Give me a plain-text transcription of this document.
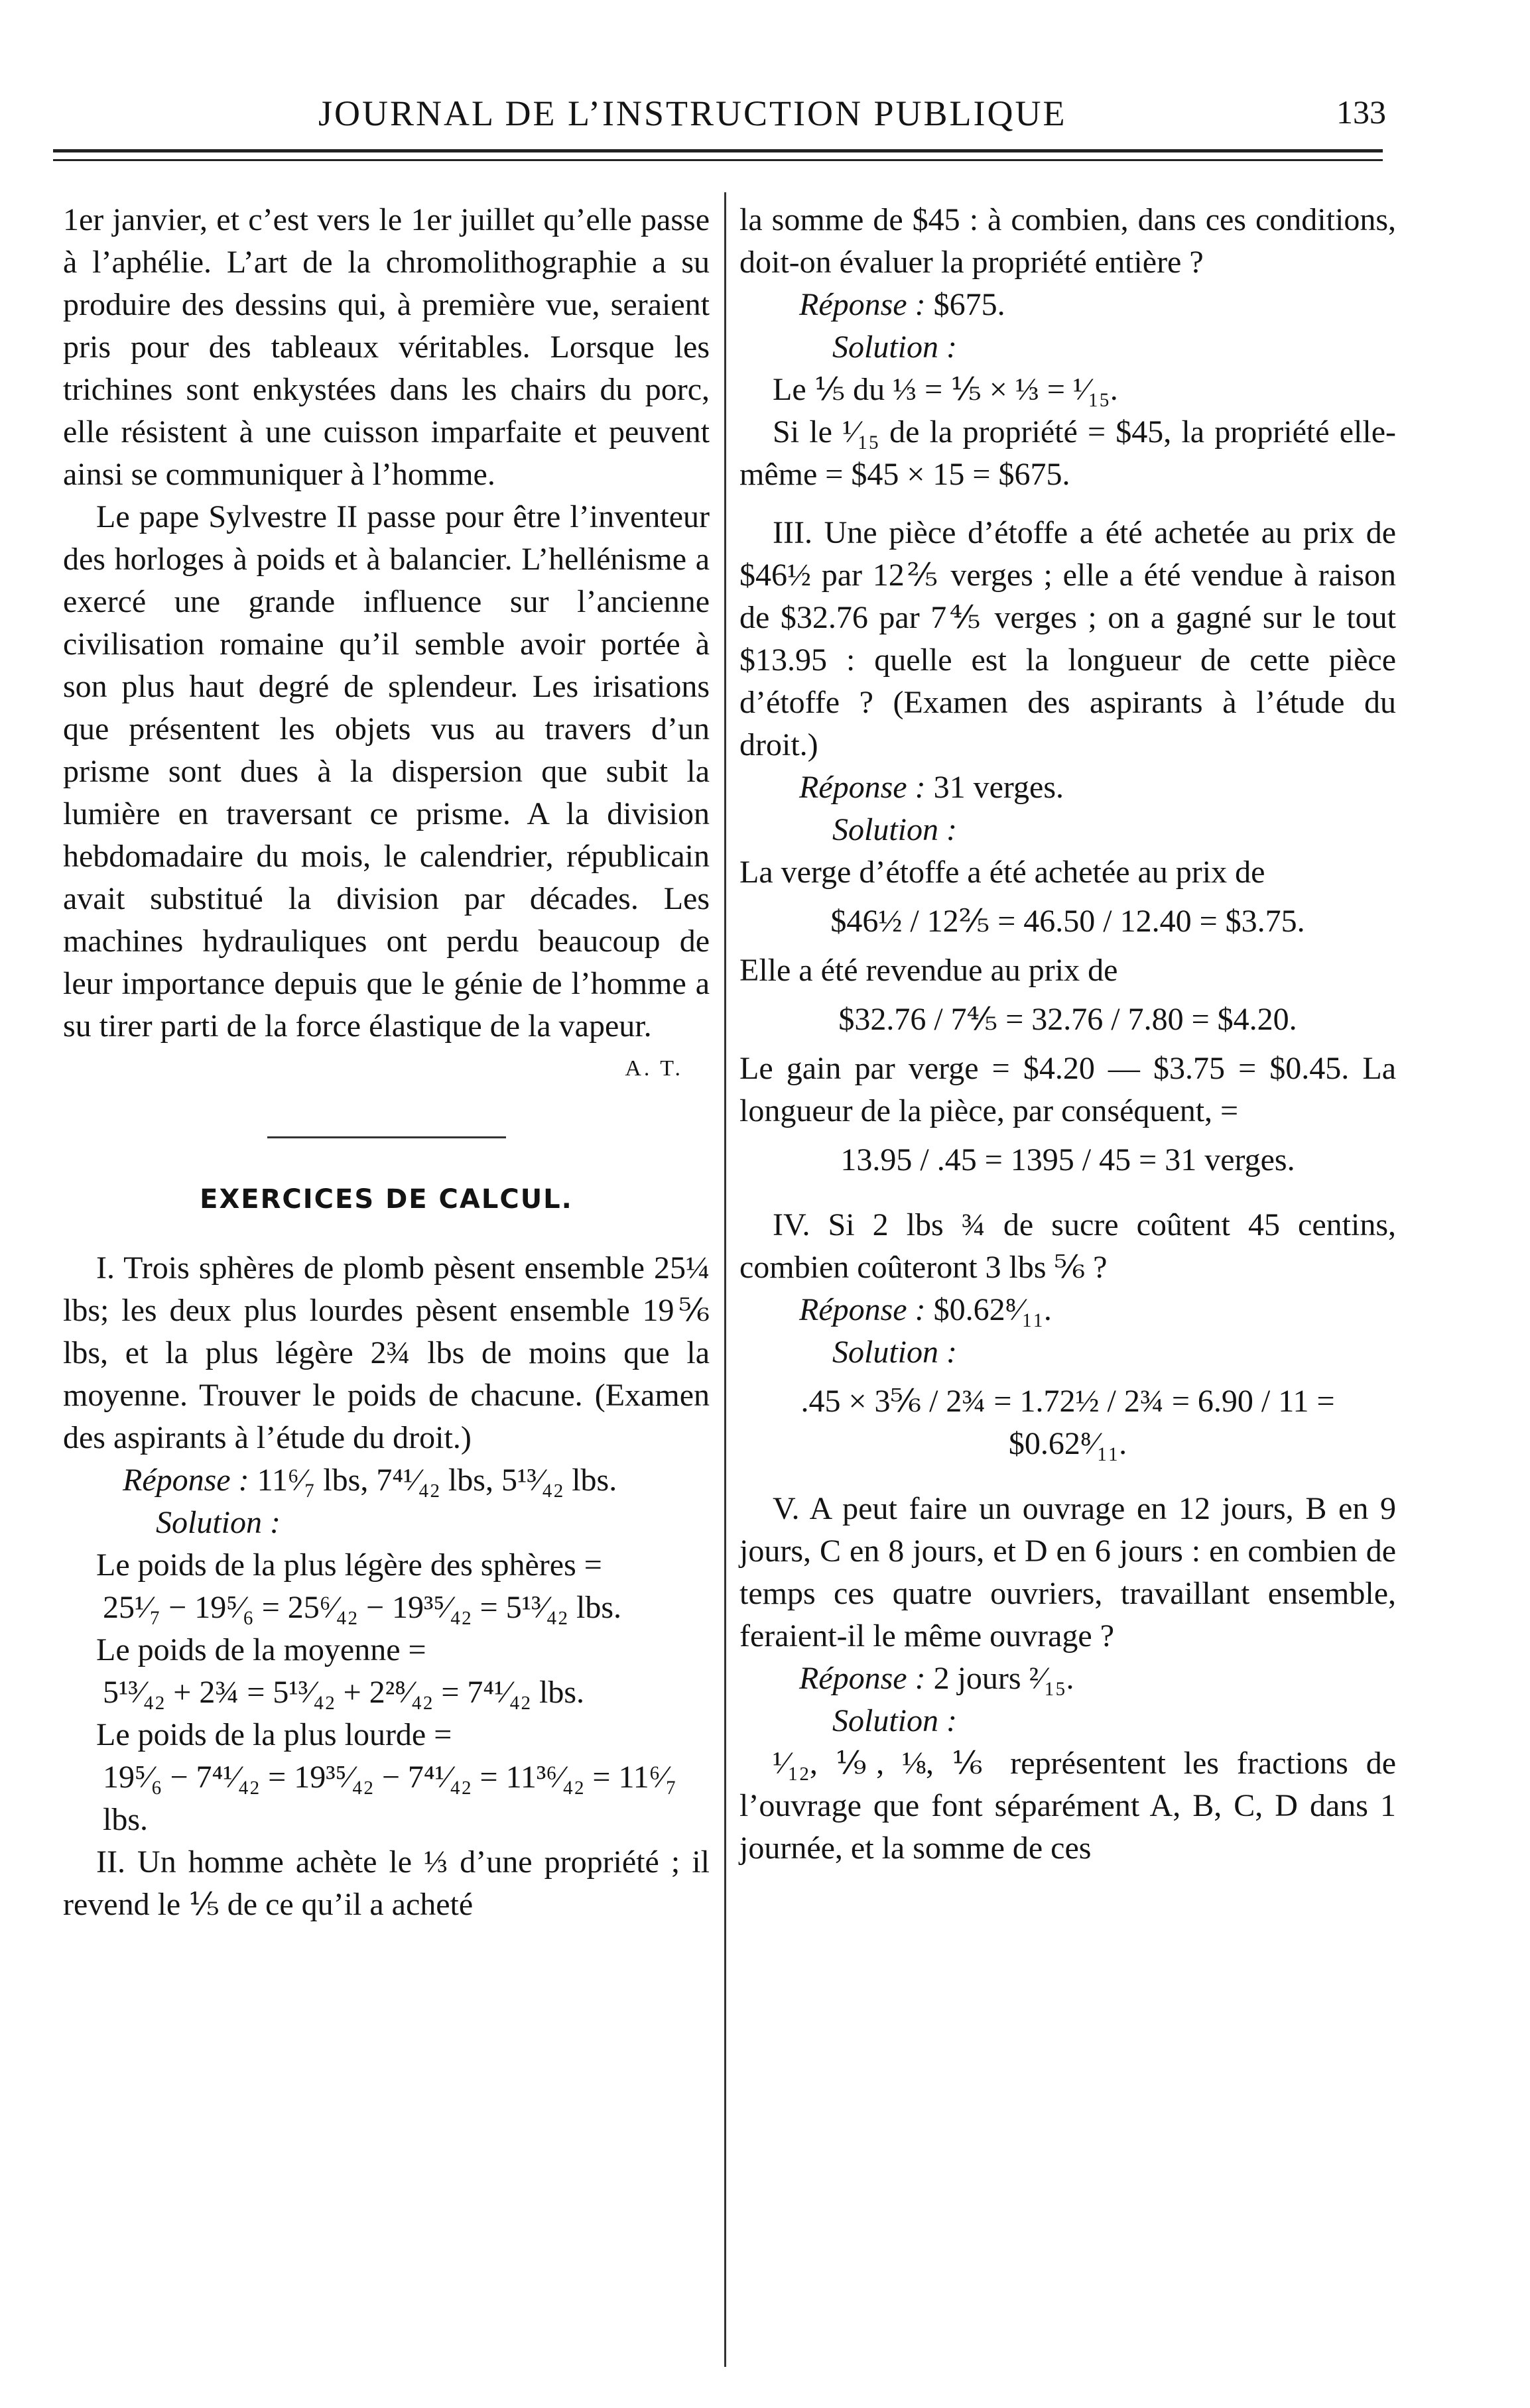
JOURNAL DE L’INSTRUCTION PUBLIQUE	133

1er janvier, et c’est vers le 1er juillet qu’elle passe à l’aphélie. L’art de la chromolithographie a su produire des dessins qui, à première vue, seraient pris pour des tableaux véritables. Lorsque les trichines sont enkystées dans les chairs du porc, elle résistent à une cuisson imparfaite et peuvent ainsi se communiquer à l’homme.

Le pape Sylvestre II passe pour être l’inventeur des horloges à poids et à balancier. L’hellénisme a exercé une grande influence sur l’ancienne civilisation romaine qu’il semble avoir portée à son plus haut degré de splendeur. Les irisations que présentent les objets vus au travers d’un prisme sont dues à la dispersion que subit la lumière en traversant ce prisme. A la division hebdomadaire du mois, le calendrier, républicain avait substitué la division par décades. Les machines hydrauliques ont perdu beaucoup de leur importance depuis que le génie de l’homme a su tirer parti de la force élastique de la vapeur.

A. T.

EXERCICES DE CALCUL.

I. Trois sphères de plomb pèsent ensemble 25¼ lbs; les deux plus lourdes pèsent ensemble 19⅚ lbs, et la plus légère 2¾ lbs de moins que la moyenne. Trouver le poids de chacune. (Examen des aspirants à l’étude du droit.)

Réponse : 11⁶⁄₇ lbs, 7⁴¹⁄₄₂ lbs, 5¹³⁄₄₂ lbs.

Solution :

Le poids de la plus légère des sphères =

25¹⁄₇ − 19⁵⁄₆ = 25⁶⁄₄₂ − 19³⁵⁄₄₂ = 5¹³⁄₄₂ lbs.

Le poids de la moyenne =

5¹³⁄₄₂ + 2¾ = 5¹³⁄₄₂ + 2²⁸⁄₄₂ = 7⁴¹⁄₄₂ lbs.

Le poids de la plus lourde =

19⁵⁄₆ − 7⁴¹⁄₄₂ = 19³⁵⁄₄₂ − 7⁴¹⁄₄₂ = 11³⁶⁄₄₂ = 11⁶⁄₇ lbs.

II. Un homme achète le ⅓ d’une propriété ; il revend le ⅕ de ce qu’il a acheté

la somme de $45 : à combien, dans ces conditions, doit-on évaluer la propriété entière ?

Réponse : $675.

Solution :

Le ⅕ du ⅓ = ⅕ × ⅓ = ¹⁄₁₅.

Si le ¹⁄₁₅ de la propriété = $45, la propriété elle-même = $45 × 15 = $675.

III. Une pièce d’étoffe a été achetée au prix de $46½ par 12⅖ verges ; elle a été vendue à raison de $32.76 par 7⅘ verges ; on a gagné sur le tout $13.95 : quelle est la longueur de cette pièce d’étoffe ? (Examen des aspirants à l’étude du droit.)

Réponse : 31 verges.

Solution :

La verge d’étoffe a été achetée au prix de

$46½ / 12⅖ = 46.50 / 12.40 = $3.75.

Elle a été revendue au prix de

$32.76 / 7⅘ = 32.76 / 7.80 = $4.20.

Le gain par verge = $4.20 — $3.75 = $0.45. La longueur de la pièce, par conséquent, =

13.95 / .45 = 1395 / 45 = 31 verges.

IV. Si 2 lbs ¾ de sucre coûtent 45 centins, combien coûteront 3 lbs ⅚ ?

Réponse : $0.62⁸⁄₁₁.

Solution :

.45 × 3⅚ / 2¾ = 1.72½ / 2¾ = 6.90 / 11 = $0.62⁸⁄₁₁.

V. A peut faire un ouvrage en 12 jours, B en 9 jours, C en 8 jours, et D en 6 jours : en combien de temps ces quatre ouvriers, travaillant ensemble, feraient-il le même ouvrage ?

Réponse : 2 jours ²⁄₁₅.

Solution :

¹⁄₁₂, ⅑, ⅛, ⅙ représentent les fractions de l’ouvrage que font séparément A, B, C, D dans 1 journée, et la somme de ces
